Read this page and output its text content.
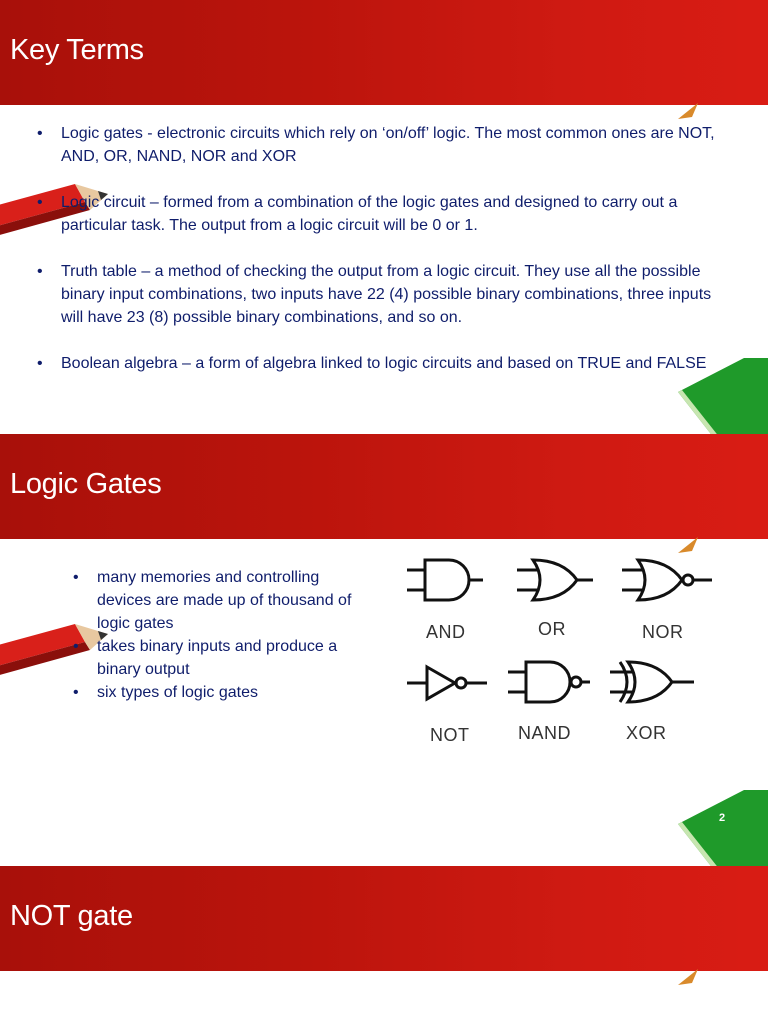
Key Terms
• Logic gates - electronic circuits which rely on ‘on/off’ logic. The most common ones are NOT, AND, OR, NAND, NOR and XOR
• Logic circuit – formed from a combination of the logic gates and designed to carry out a particular task. The output from a logic circuit will be 0 or 1.
• Truth table – a method of checking the output from a logic circuit. They use all the possible binary input combinations, two inputs have 22 (4) possible binary combinations, three inputs will have 23 (8) possible binary combinations, and so on.
• Boolean algebra – a form of algebra linked to logic circuits and based on TRUE and FALSE
Logic Gates
• many memories and controlling devices are made up of thousand of logic gates
• takes binary inputs and produce a binary output
• six types of logic gates
AND	OR	NOR
NOT	NAND	XOR
2
NOT gate
